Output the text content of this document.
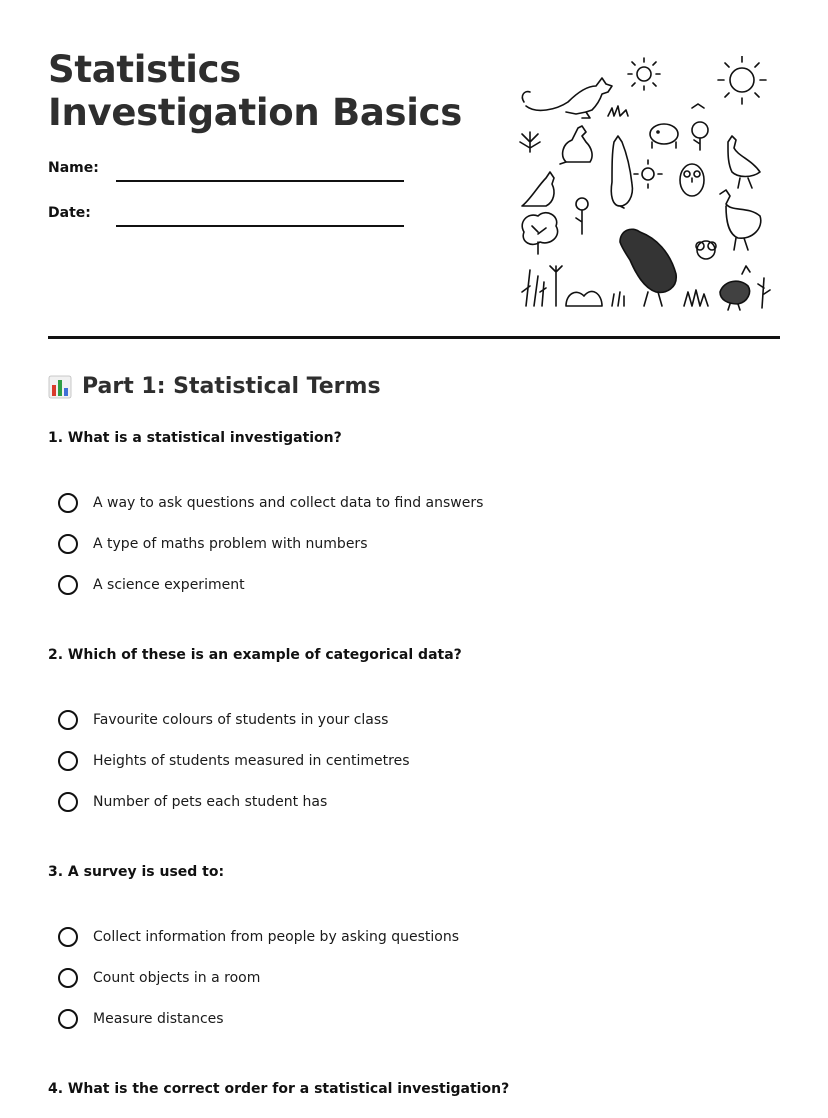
Statistics Investigation Basics
Name:
Date:
Part 1: Statistical Terms

1. What is a statistical investigation?

A way to ask questions and collect data to find answers
A type of maths problem with numbers
A science experiment

2. Which of these is an example of categorical data?

Favourite colours of students in your class
Heights of students measured in centimetres
Number of pets each student has

3. A survey is used to:

Collect information from people by asking questions
Count objects in a room
Measure distances

4. What is the correct order for a statistical investigation?
